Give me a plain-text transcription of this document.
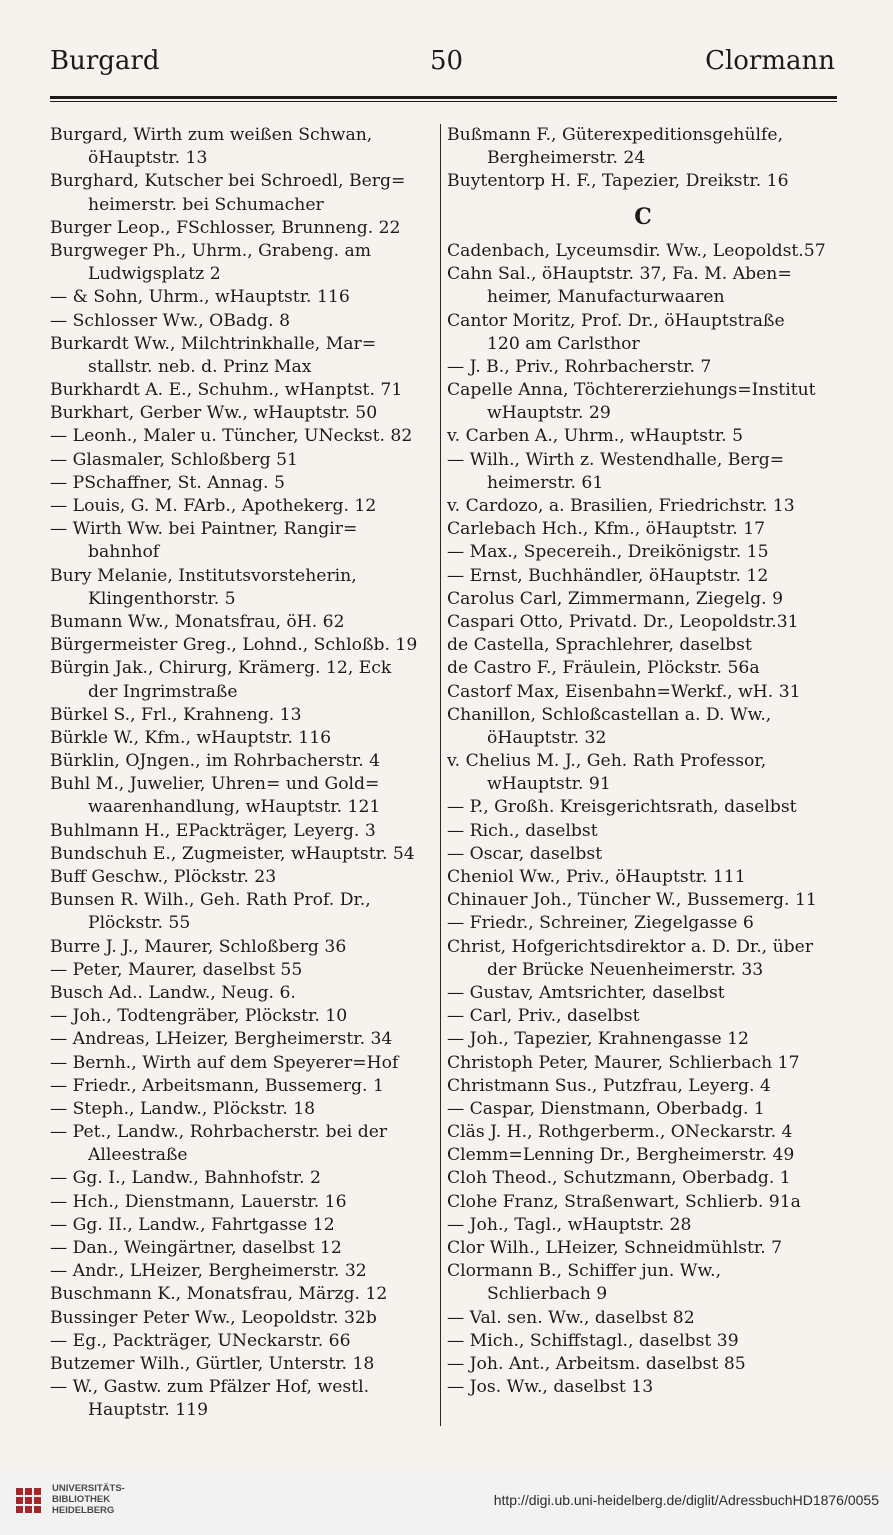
Burgard	50	Clormann
Burgard, Wirth zum weißen Schwan,
öHauptstr. 13
Burghard, Kutscher bei Schroedl, Berg=
heimerstr. bei Schumacher
Burger Leop., FSchlosser, Brunneng. 22
Burgweger Ph., Uhrm., Grabeng. am
Ludwigsplatz 2
— & Sohn, Uhrm., wHauptstr. 116
— Schlosser Ww., OBadg. 8
Burkardt Ww., Milchtrinkhalle, Mar=
stallstr. neb. d. Prinz Max
Burkhardt A. E., Schuhm., wHanptst. 71
Burkhart, Gerber Ww., wHauptstr. 50
— Leonh., Maler u. Tüncher, UNeckst. 82
— Glasmaler, Schloßberg 51
— PSchaffner, St. Annag. 5
— Louis, G. M. FArb., Apothekerg. 12
— Wirth Ww. bei Paintner, Rangir=
bahnhof
Bury Melanie, Institutsvorsteherin,
Klingenthorstr. 5
Bumann Ww., Monatsfrau, öH. 62
Bürgermeister Greg., Lohnd., Schloßb. 19
Bürgin Jak., Chirurg, Krämerg. 12, Eck
der Ingrimstraße
Bürkel S., Frl., Krahneng. 13
Bürkle W., Kfm., wHauptstr. 116
Bürklin, OJngen., im Rohrbacherstr. 4
Buhl M., Juwelier, Uhren= und Gold=
waarenhandlung, wHauptstr. 121
Buhlmann H., EPackträger, Leyerg. 3
Bundschuh E., Zugmeister, wHauptstr. 54
Buff Geschw., Plöckstr. 23
Bunsen R. Wilh., Geh. Rath Prof. Dr.,
Plöckstr. 55
Burre J. J., Maurer, Schloßberg 36
— Peter, Maurer, daselbst 55
Busch Ad.. Landw., Neug. 6.
— Joh., Todtengräber, Plöckstr. 10
— Andreas, LHeizer, Bergheimerstr. 34
— Bernh., Wirth auf dem Speyerer=Hof
— Friedr., Arbeitsmann, Bussemerg. 1
— Steph., Landw., Plöckstr. 18
— Pet., Landw., Rohrbacherstr. bei der
Alleestraße
— Gg. I., Landw., Bahnhofstr. 2
— Hch., Dienstmann, Lauerstr. 16
— Gg. II., Landw., Fahrtgasse 12
— Dan., Weingärtner, daselbst 12
— Andr., LHeizer, Bergheimerstr. 32
Buschmann K., Monatsfrau, Märzg. 12
Bussinger Peter Ww., Leopoldstr. 32b
— Eg., Packträger, UNeckarstr. 66
Butzemer Wilh., Gürtler, Unterstr. 18
— W., Gastw. zum Pfälzer Hof, westl.
Hauptstr. 119
Bußmann F., Güterexpeditionsgehülfe,
Bergheimerstr. 24
Buytentorp H. F., Tapezier, Dreikstr. 16
C
Cadenbach, Lyceumsdir. Ww., Leopoldst.57
Cahn Sal., öHauptstr. 37, Fa. M. Aben=
heimer, Manufacturwaaren
Cantor Moritz, Prof. Dr., öHauptstraße
120 am Carlsthor
— J. B., Priv., Rohrbacherstr. 7
Capelle Anna, Töchtererziehungs=Institut
wHauptstr. 29
v. Carben A., Uhrm., wHauptstr. 5
— Wilh., Wirth z. Westendhalle, Berg=
heimerstr. 61
v. Cardozo, a. Brasilien, Friedrichstr. 13
Carlebach Hch., Kfm., öHauptstr. 17
— Max., Specereih., Dreikönigstr. 15
— Ernst, Buchhändler, öHauptstr. 12
Carolus Carl, Zimmermann, Ziegelg. 9
Caspari Otto, Privatd. Dr., Leopoldstr.31
de Castella, Sprachlehrer, daselbst
de Castro F., Fräulein, Plöckstr. 56a
Castorf Max, Eisenbahn=Werkf., wH. 31
Chanillon, Schloßcastellan a. D. Ww.,
öHauptstr. 32
v. Chelius M. J., Geh. Rath Professor,
wHauptstr. 91
— P., Großh. Kreisgerichtsrath, daselbst
— Rich., daselbst
— Oscar, daselbst
Cheniol Ww., Priv., öHauptstr. 111
Chinauer Joh., Tüncher W., Bussemerg. 11
— Friedr., Schreiner, Ziegelgasse 6
Christ, Hofgerichtsdirektor a. D. Dr., über
der Brücke Neuenheimerstr. 33
— Gustav, Amtsrichter, daselbst
— Carl, Priv., daselbst
— Joh., Tapezier, Krahnengasse 12
Christoph Peter, Maurer, Schlierbach 17
Christmann Sus., Putzfrau, Leyerg. 4
— Caspar, Dienstmann, Oberbadg. 1
Cläs J. H., Rothgerberm., ONeckarstr. 4
Clemm=Lenning Dr., Bergheimerstr. 49
Cloh Theod., Schutzmann, Oberbadg. 1
Clohe Franz, Straßenwart, Schlierb. 91a
— Joh., Tagl., wHauptstr. 28
Clor Wilh., LHeizer, Schneidmühlstr. 7
Clormann B., Schiffer jun. Ww.,
Schlierbach 9
— Val. sen. Ww., daselbst 82
— Mich., Schiffstagl., daselbst 39
— Joh. Ant., Arbeitsm. daselbst 85
— Jos. Ww., daselbst 13
UNIVERSITÄTS-
BIBLIOTHEK
HEIDELBERG
http://digi.ub.uni-heidelberg.de/diglit/AdressbuchHD1876/0055
